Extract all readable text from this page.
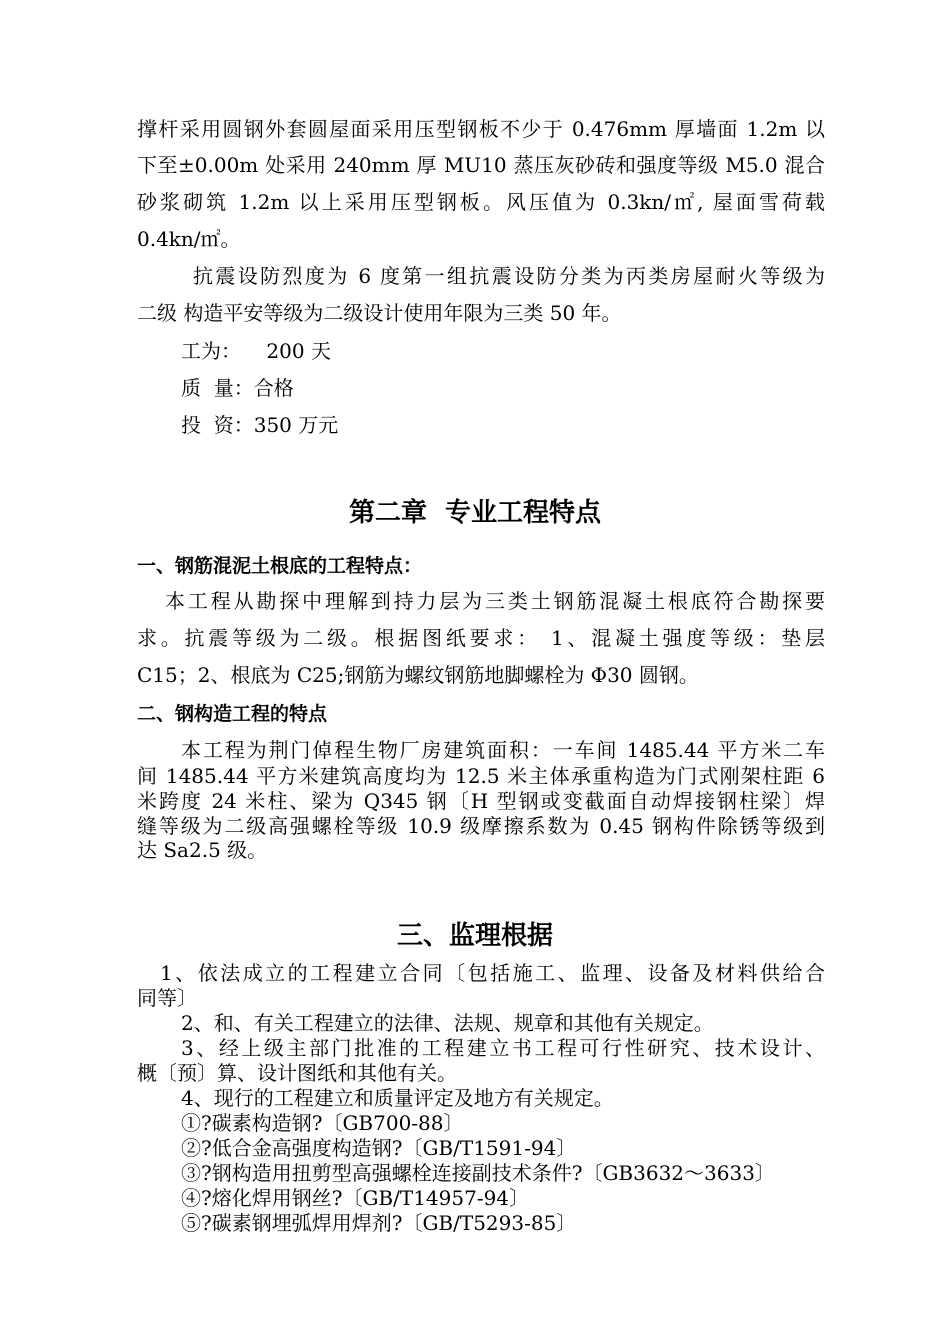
撑杆采用圆钢外套圆屋面采用压型钢板不少于 0.476mm 厚墙面 1.2m 以
下至±0.00m 处采用 240mm 厚 MU10 蒸压灰砂砖和强度等级 M5.0 混合
砂浆砌筑 1.2m 以上采用压型钢板。风压值为 0.3kn/㎡, 屋面雪荷载
0.4kn/㎡。
抗震设防烈度为 6 度第一组抗震设防分类为丙类房屋耐火等级为
二级 构造平安等级为二级设计使用年限为三类 50 年。
工为：    200 天
质  量：合格
投  资：350 万元
第二章  专业工程特点
一、钢筋混泥土根底的工程特点：
本工程从勘探中理解到持力层为三类土钢筋混凝土根底符合勘探要
求。抗震等级为二级。根据图纸要求： 1、混凝土强度等级：垫层
C15；2、根底为 C25;钢筋为螺纹钢筋地脚螺栓为 Φ30 圆钢。
二、钢构造工程的特点
本工程为荆门倬程生物厂房建筑面积：一车间 1485.44 平方米二车
间 1485.44 平方米建筑高度均为 12.5 米主体承重构造为门式刚架柱距 6
米跨度 24 米柱、梁为 Q345 钢〔H 型钢或变截面自动焊接钢柱梁〕焊
缝等级为二级高强螺栓等级 10.9 级摩擦系数为 0.45 钢构件除锈等级到
达 Sa2.5 级。
三、监理根据
1、依法成立的工程建立合同〔包括施工、监理、设备及材料供给合
同等〕
2、和、有关工程建立的法律、法规、规章和其他有关规定。
3、经上级主部门批准的工程建立书工程可行性研究、技术设计、
概〔预〕算、设计图纸和其他有关。
4、现行的工程建立和质量评定及地方有关规定。
①?碳素构造钢?〔GB700-88〕
②?低合金高强度构造钢?〔GB/T1591-94〕
③?钢构造用扭剪型高强螺栓连接副技术条件?〔GB3632～3633〕
④?熔化焊用钢丝?〔GB/T14957-94〕
⑤?碳素钢埋弧焊用焊剂?〔GB/T5293-85〕
